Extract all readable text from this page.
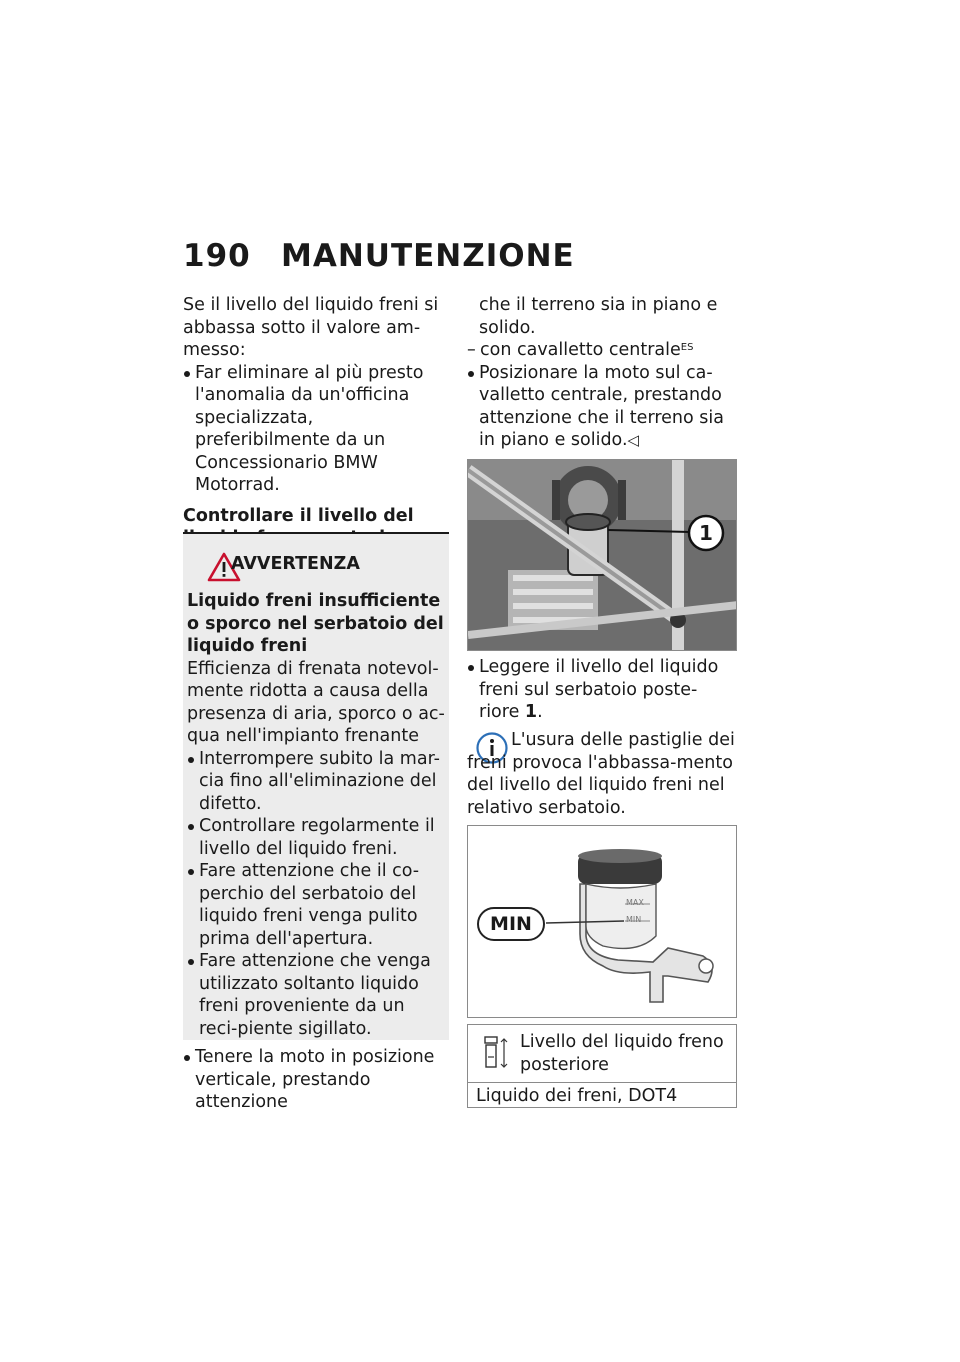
190 MANUTENZIONE

Se il livello del liquido freni si abbassa sotto il valore am-messo:

Far eliminare al più presto l'anomalia da un'officina specializzata, preferibilmente da un Concessionario BMW Motorrad.

Controllare il livello del

AVVERTENZA

Liquido freni insufficiente o sporco nel serbatoio del liquido freni

Efficienza di frenata notevol-mente ridotta a causa della presenza di aria, sporco o ac-qua nell'impianto frenante

Interrompere subito la mar-cia fino all'eliminazione del difetto.

Controllare regolarmente il livello del liquido freni.

Fare attenzione che il co-perchio del serbatoio del liquido freni venga pulito prima dell'apertura.

Fare attenzione che venga utilizzato soltanto liquido freni proveniente da un reci-piente sigillato.

Tenere la moto in posizione verticale, prestando attenzione

che il terreno sia in piano e solido.

– con cavalletto centrale$^{ES}$

Posizionare la moto sul ca-valletto centrale, prestando attenzione che il terreno sia in piano e solido.◁

1

Leggere il livello del liquido freni sul serbatoio poste-riore 1.

L'usura delle pastiglie dei freni provoca l'abbassa-mento del livello del liquido freni nel relativo serbatoio.
MIN
MAX
MIN
Livello del liquido freno posteriore
Liquido dei freni, DOT4
